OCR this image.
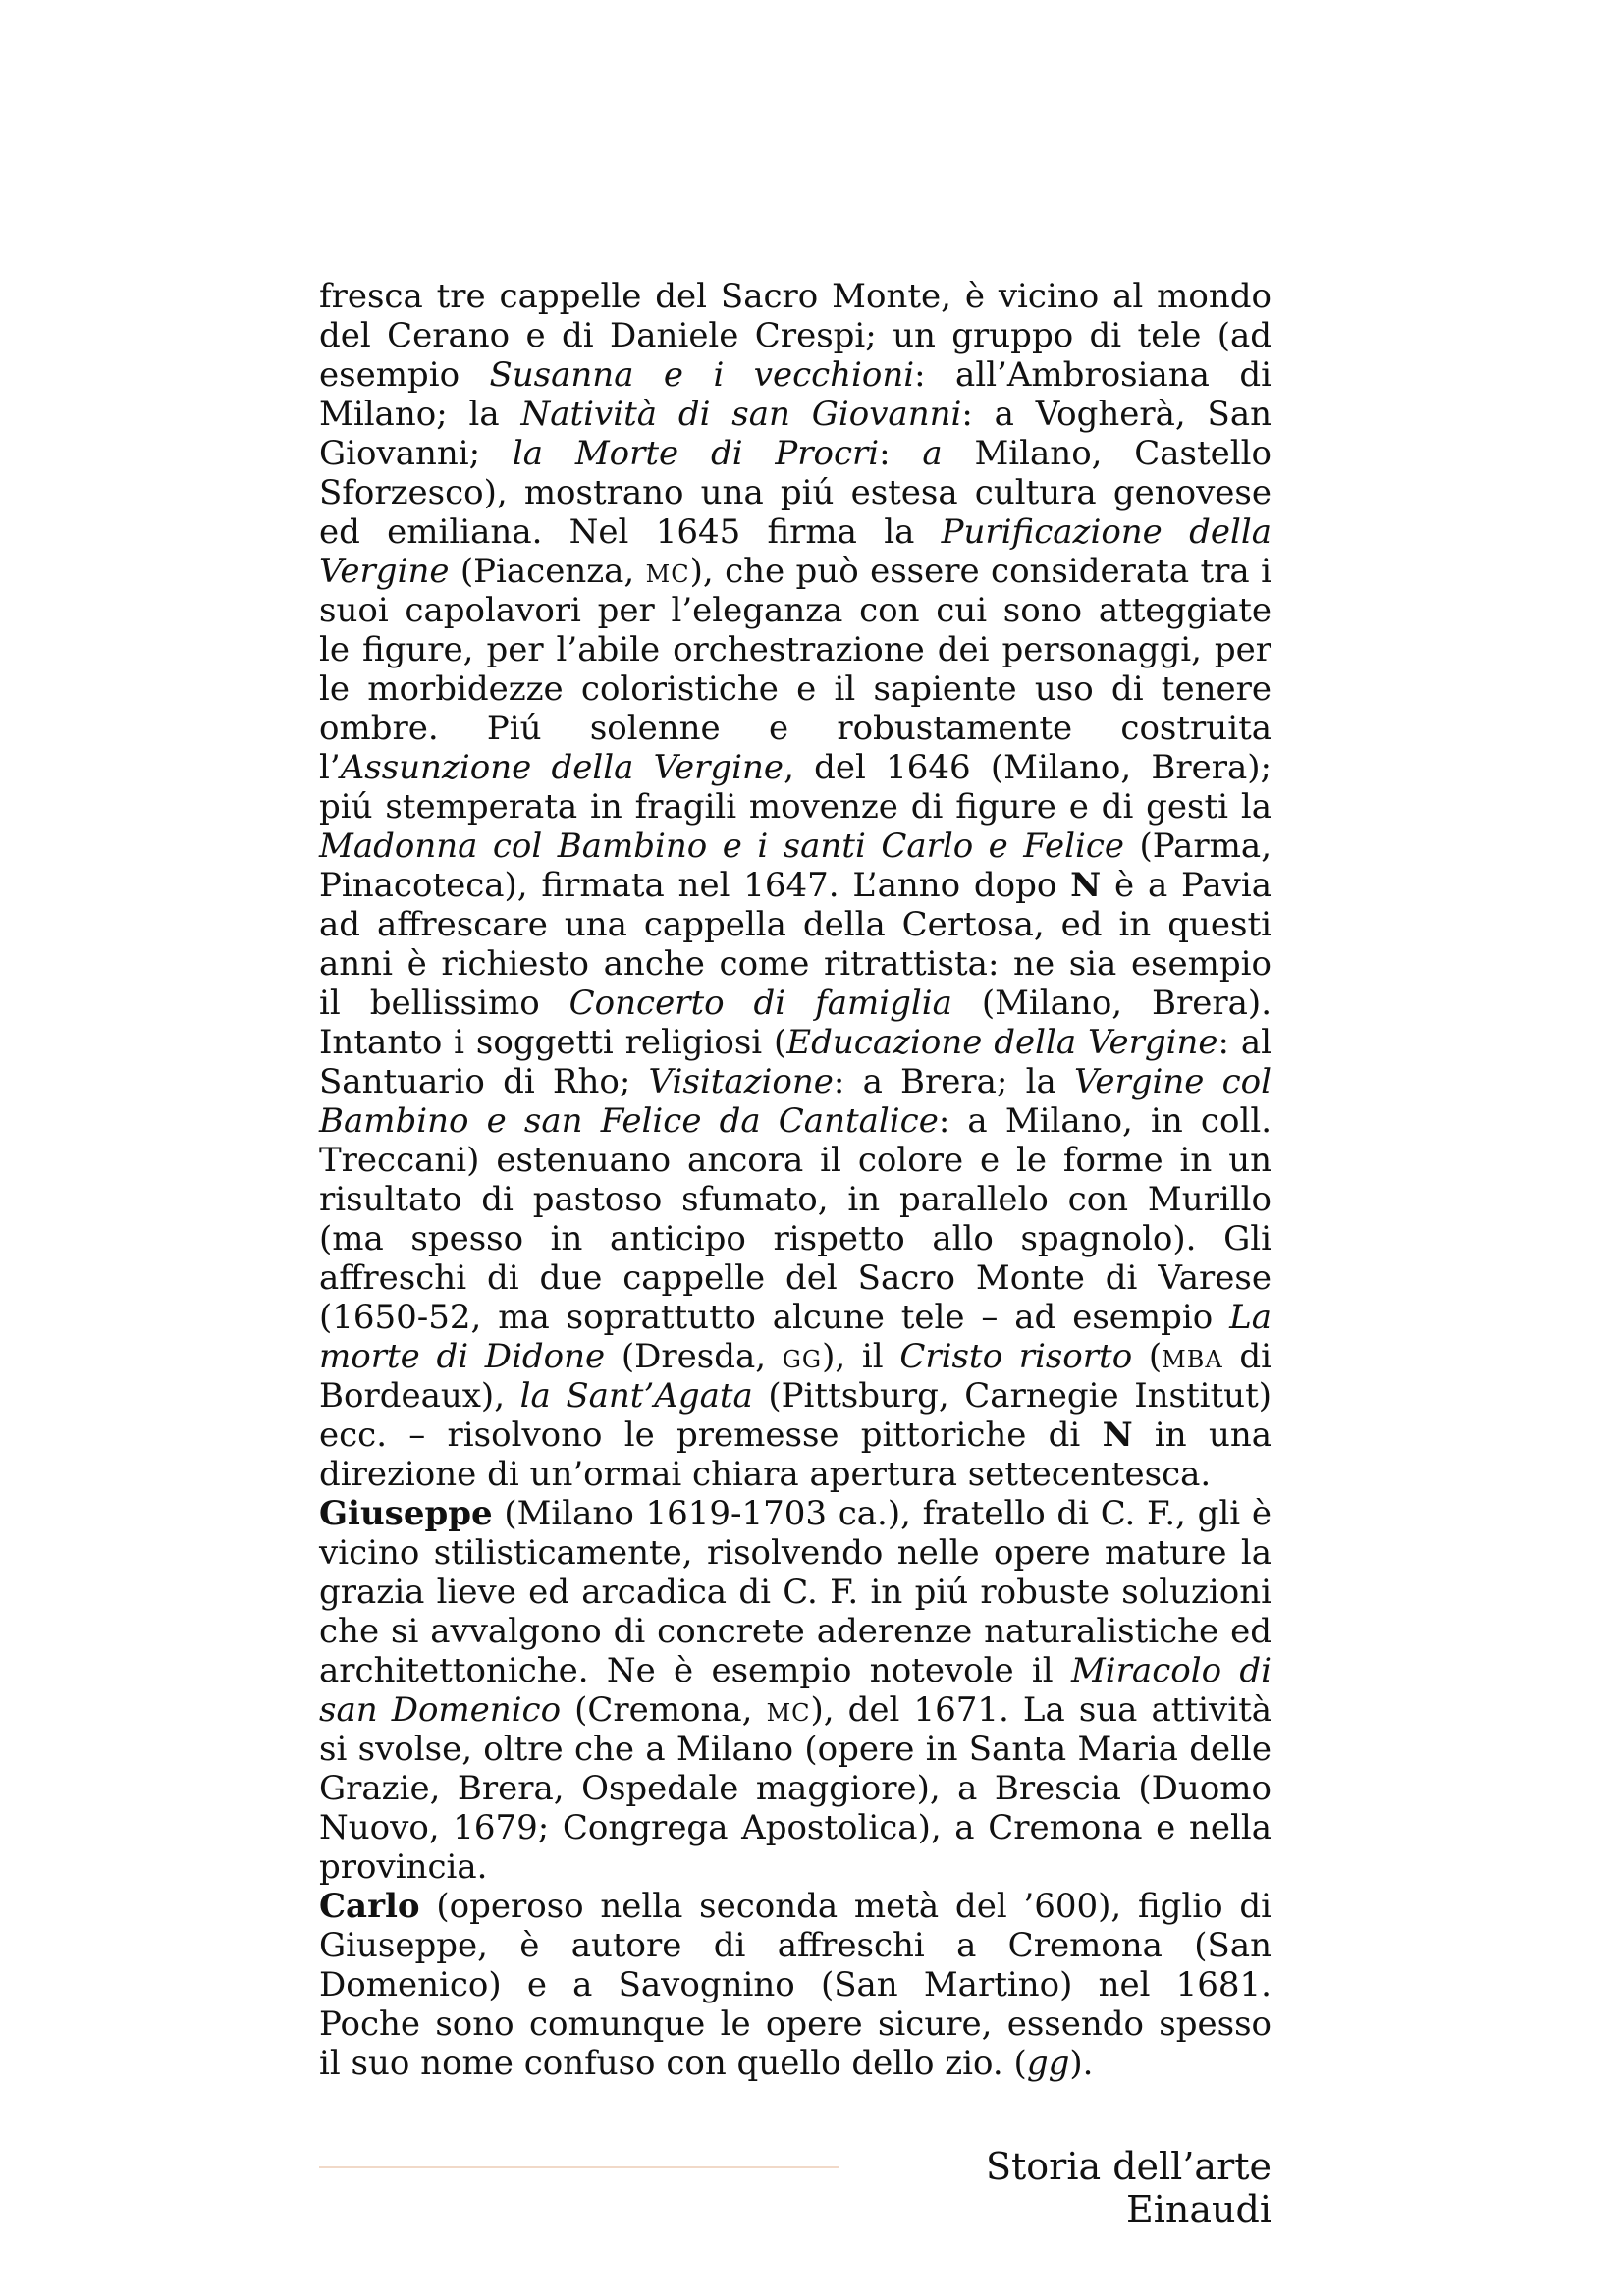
fresca tre cappelle del Sacro Monte, è vicino al mondo del Cerano e di Daniele Crespi; un gruppo di tele (ad esempio Susanna e i vecchioni: all’Ambrosiana di Milano; la Natività di san Giovanni: a Vogherà, San Giovanni; la Morte di Procri: a Milano, Castello Sforzesco), mostrano una piú estesa cultura genovese ed emiliana. Nel 1645 firma la Purificazione della Vergine (Piacenza, mc), che può essere considerata tra i suoi capolavori per l’eleganza con cui sono atteggiate le figure, per l’abile orchestrazione dei personaggi, per le morbidezze coloristiche e il sapiente uso di tenere ombre. Piú solenne e robustamente costruita l’Assunzione della Vergine, del 1646 (Milano, Brera); piú stemperata in fragili movenze di figure e di gesti la Madonna col Bambino e i santi Carlo e Felice (Parma, Pinacoteca), firmata nel 1647. L’anno dopo N è a Pavia ad affrescare una cappella della Certosa, ed in questi anni è richiesto anche come ritrattista: ne sia esempio il bellissimo Concerto di famiglia (Milano, Brera). Intanto i soggetti religiosi (Educazione della Vergine: al Santuario di Rho; Visitazione: a Brera; la Vergine col Bambino e san Felice da Cantalice: a Milano, in coll. Treccani) estenuano ancora il colore e le forme in un risultato di pastoso sfumato, in parallelo con Murillo (ma spesso in anticipo rispetto allo spagnolo). Gli affreschi di due cappelle del Sacro Monte di Varese (1650-52, ma soprattutto alcune tele – ad esempio La morte di Didone (Dresda, gg), il Cristo risorto (mba di Bordeaux), la Sant’Agata (Pittsburg, Carnegie Institut) ecc. – risolvono le premesse pittoriche di N in una direzione di un’ormai chiara apertura settecentesca.

Giuseppe (Milano 1619-1703 ca.), fratello di C. F., gli è vicino stilisticamente, risolvendo nelle opere mature la grazia lieve ed arcadica di C. F. in piú robuste soluzioni che si avvalgono di concrete aderenze naturalistiche ed architettoniche. Ne è esempio notevole il Miracolo di san Domenico (Cremona, mc), del 1671. La sua attività si svolse, oltre che a Milano (opere in Santa Maria delle Grazie, Brera, Ospedale maggiore), a Brescia (Duomo Nuovo, 1679; Congrega Apostolica), a Cremona e nella provincia.

Carlo (operoso nella seconda metà del ’600), figlio di Giuseppe, è autore di affreschi a Cremona (San Domenico) e a Savognino (San Martino) nel 1681. Poche sono comunque le opere sicure, essendo spesso il suo nome confuso con quello dello zio. (gg).

Storia dell’arte Einaudi
